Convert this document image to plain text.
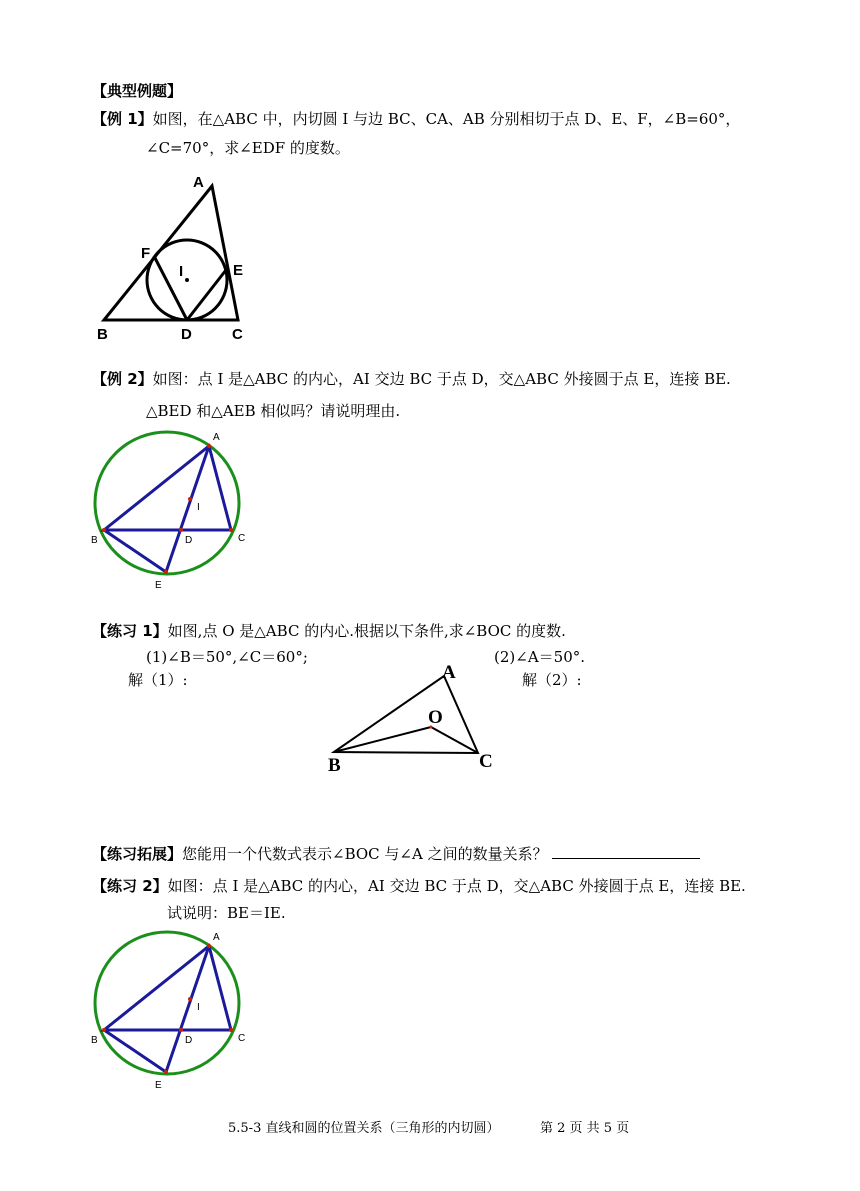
【典型例题】
【例 1】如图，在△ABC 中，内切圆 I 与边 BC、CA、AB 分别相切于点 D、E、F，∠B=60°，
∠C=70°，求∠EDF 的度数。
A
B	C
D
E
F
I
【例 2】如图：点 I 是△ABC 的内心，AI 交边 BC 于点 D，交△ABC 外接圆于点 E，连接 BE.
△BED 和△AEB 相似吗？请说明理由.
A
B	C
D
E
I
【练习 1】如图,点 O 是△ABC 的内心.根据以下条件,求∠BOC 的度数.
(1)∠B＝50°,∠C＝60°;	(2)∠A＝50°.
解（1）:	解（2）:
A
B	C
O
【练习拓展】您能用一个代数式表示∠BOC 与∠A 之间的数量关系？
【练习 2】如图：点 I 是△ABC 的内心，AI 交边 BC 于点 D，交△ABC 外接圆于点 E，连接 BE.
试说明：BE＝IE.
A
B	C
D
E
I
5.5-3 直线和圆的位置关系（三角形的内切圆）	第 2 页 共 5 页
